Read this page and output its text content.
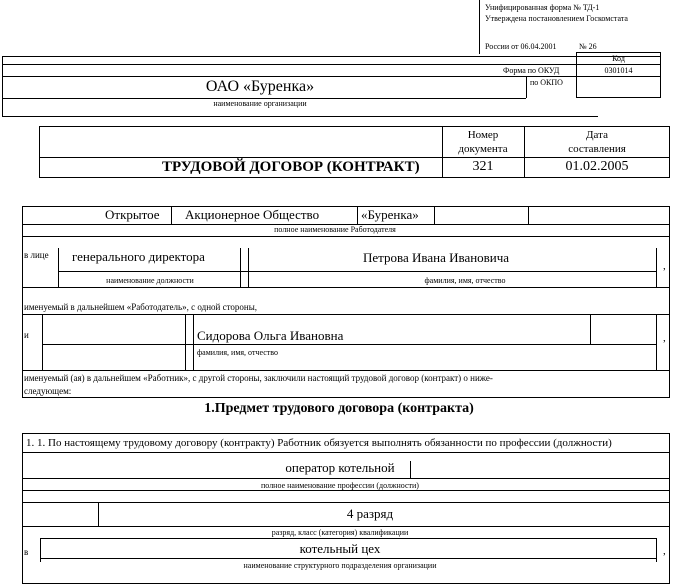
Унифицированная форма № ТД-1
Утверждена постановлением Госкомстата
России от 06.04.2001	№ 26
Код
Форма по ОКУД	0301014
по ОКПО
ОАО «Буренка»
наименование организации
Номер документа
Дата составления
ТРУДОВОЙ ДОГОВОР (КОНТРАКТ)	321	01.02.2005
Открытое Акционерное Общество	«Буренка»
полное наименование Работодателя
в лице генерального директора	Петрова Ивана Ивановича
,
наименование должности	фамилия, имя, отчество
именуемый в дальнейшем «Работодатель», с одной стороны,
и	Сидорова Ольга Ивановна	,
фамилия, имя, отчество
именуемый (ая) в дальнейшем «Работник», с другой стороны, заключили настоящий трудовой договор (контракт) о ниже-
следующем:
1.Предмет трудового договора (контракта)
1. 1. По настоящему трудовому договору (контракту) Работник обязуется выполнять обязанности по профессии (должности)
оператор котельной
полное наименование профессии (должности)
4 разряд
разряд, класс (категория) квалификации
в	котельный цех	,
наименование структурного подразделения организации
